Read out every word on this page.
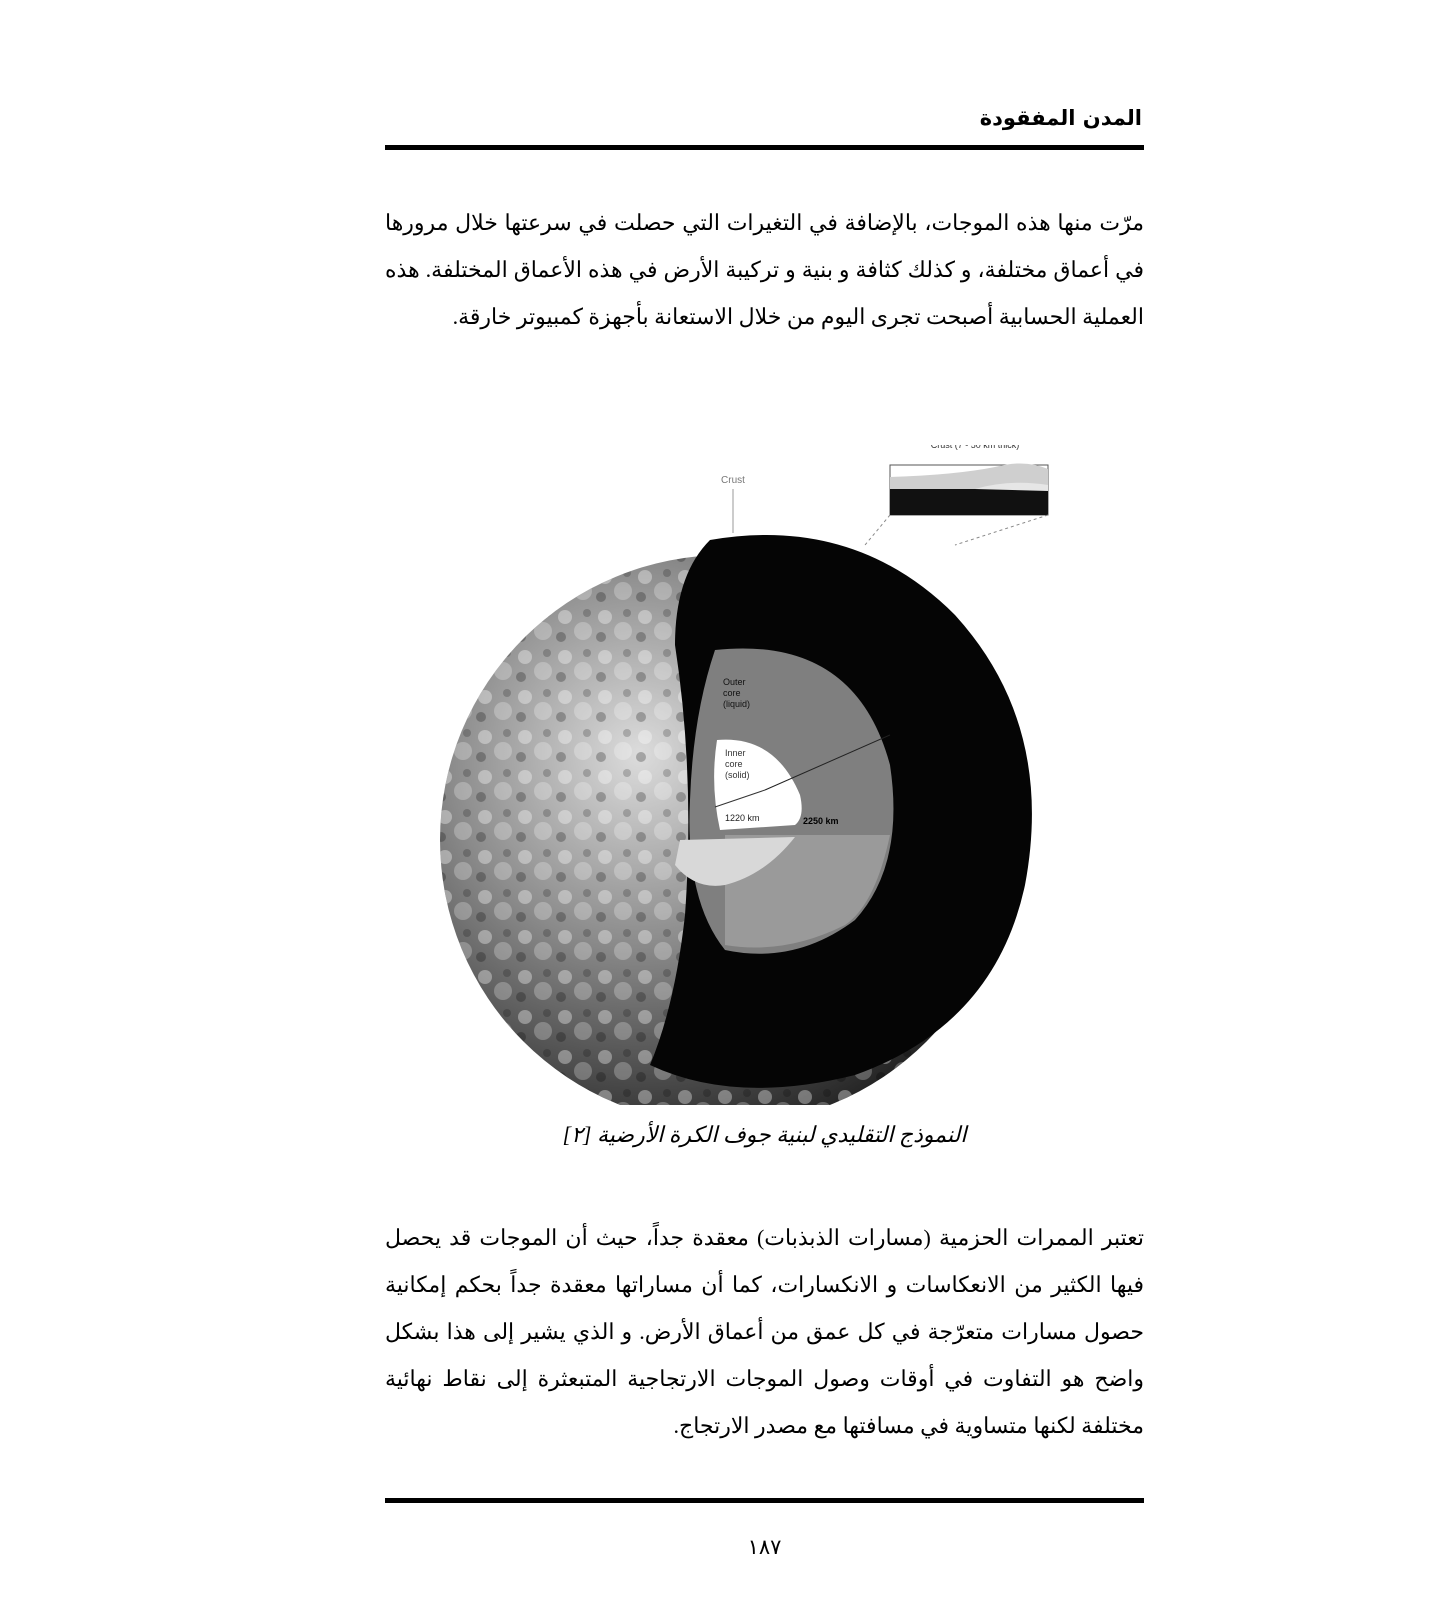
المدن المفقودة
مرّت منها هذه الموجات، بالإضافة في التغيرات التي حصلت في سرعتها خلال مرورها في أعماق مختلفة، و كذلك كثافة و بنية و تركيبة الأرض في هذه الأعماق المختلفة. هذه العملية الحسابية أصبحت تجرى اليوم من خلال الاستعانة بأجهزة كمبيوتر خارقة.
Crust (7 - 50 km thick)
Crust
Outer
core
(liquid)
Inner
core
(solid)
1220 km	2250 km
النموذج التقليدي لبنية جوف الكرة الأرضية [٢]
تعتبر الممرات الحزمية (مسارات الذبذبات) معقدة جداً، حيث أن الموجات قد يحصل فيها الكثير من الانعكاسات و الانكسارات، كما أن مساراتها معقدة جداً بحكم إمكانية حصول مسارات متعرّجة في كل عمق من أعماق الأرض. و الذي يشير إلى هذا بشكل واضح هو التفاوت في أوقات وصول الموجات الارتجاجية المتبعثرة إلى نقاط نهائية مختلفة لكنها متساوية في مسافتها مع مصدر الارتجاج.
١٨٧
